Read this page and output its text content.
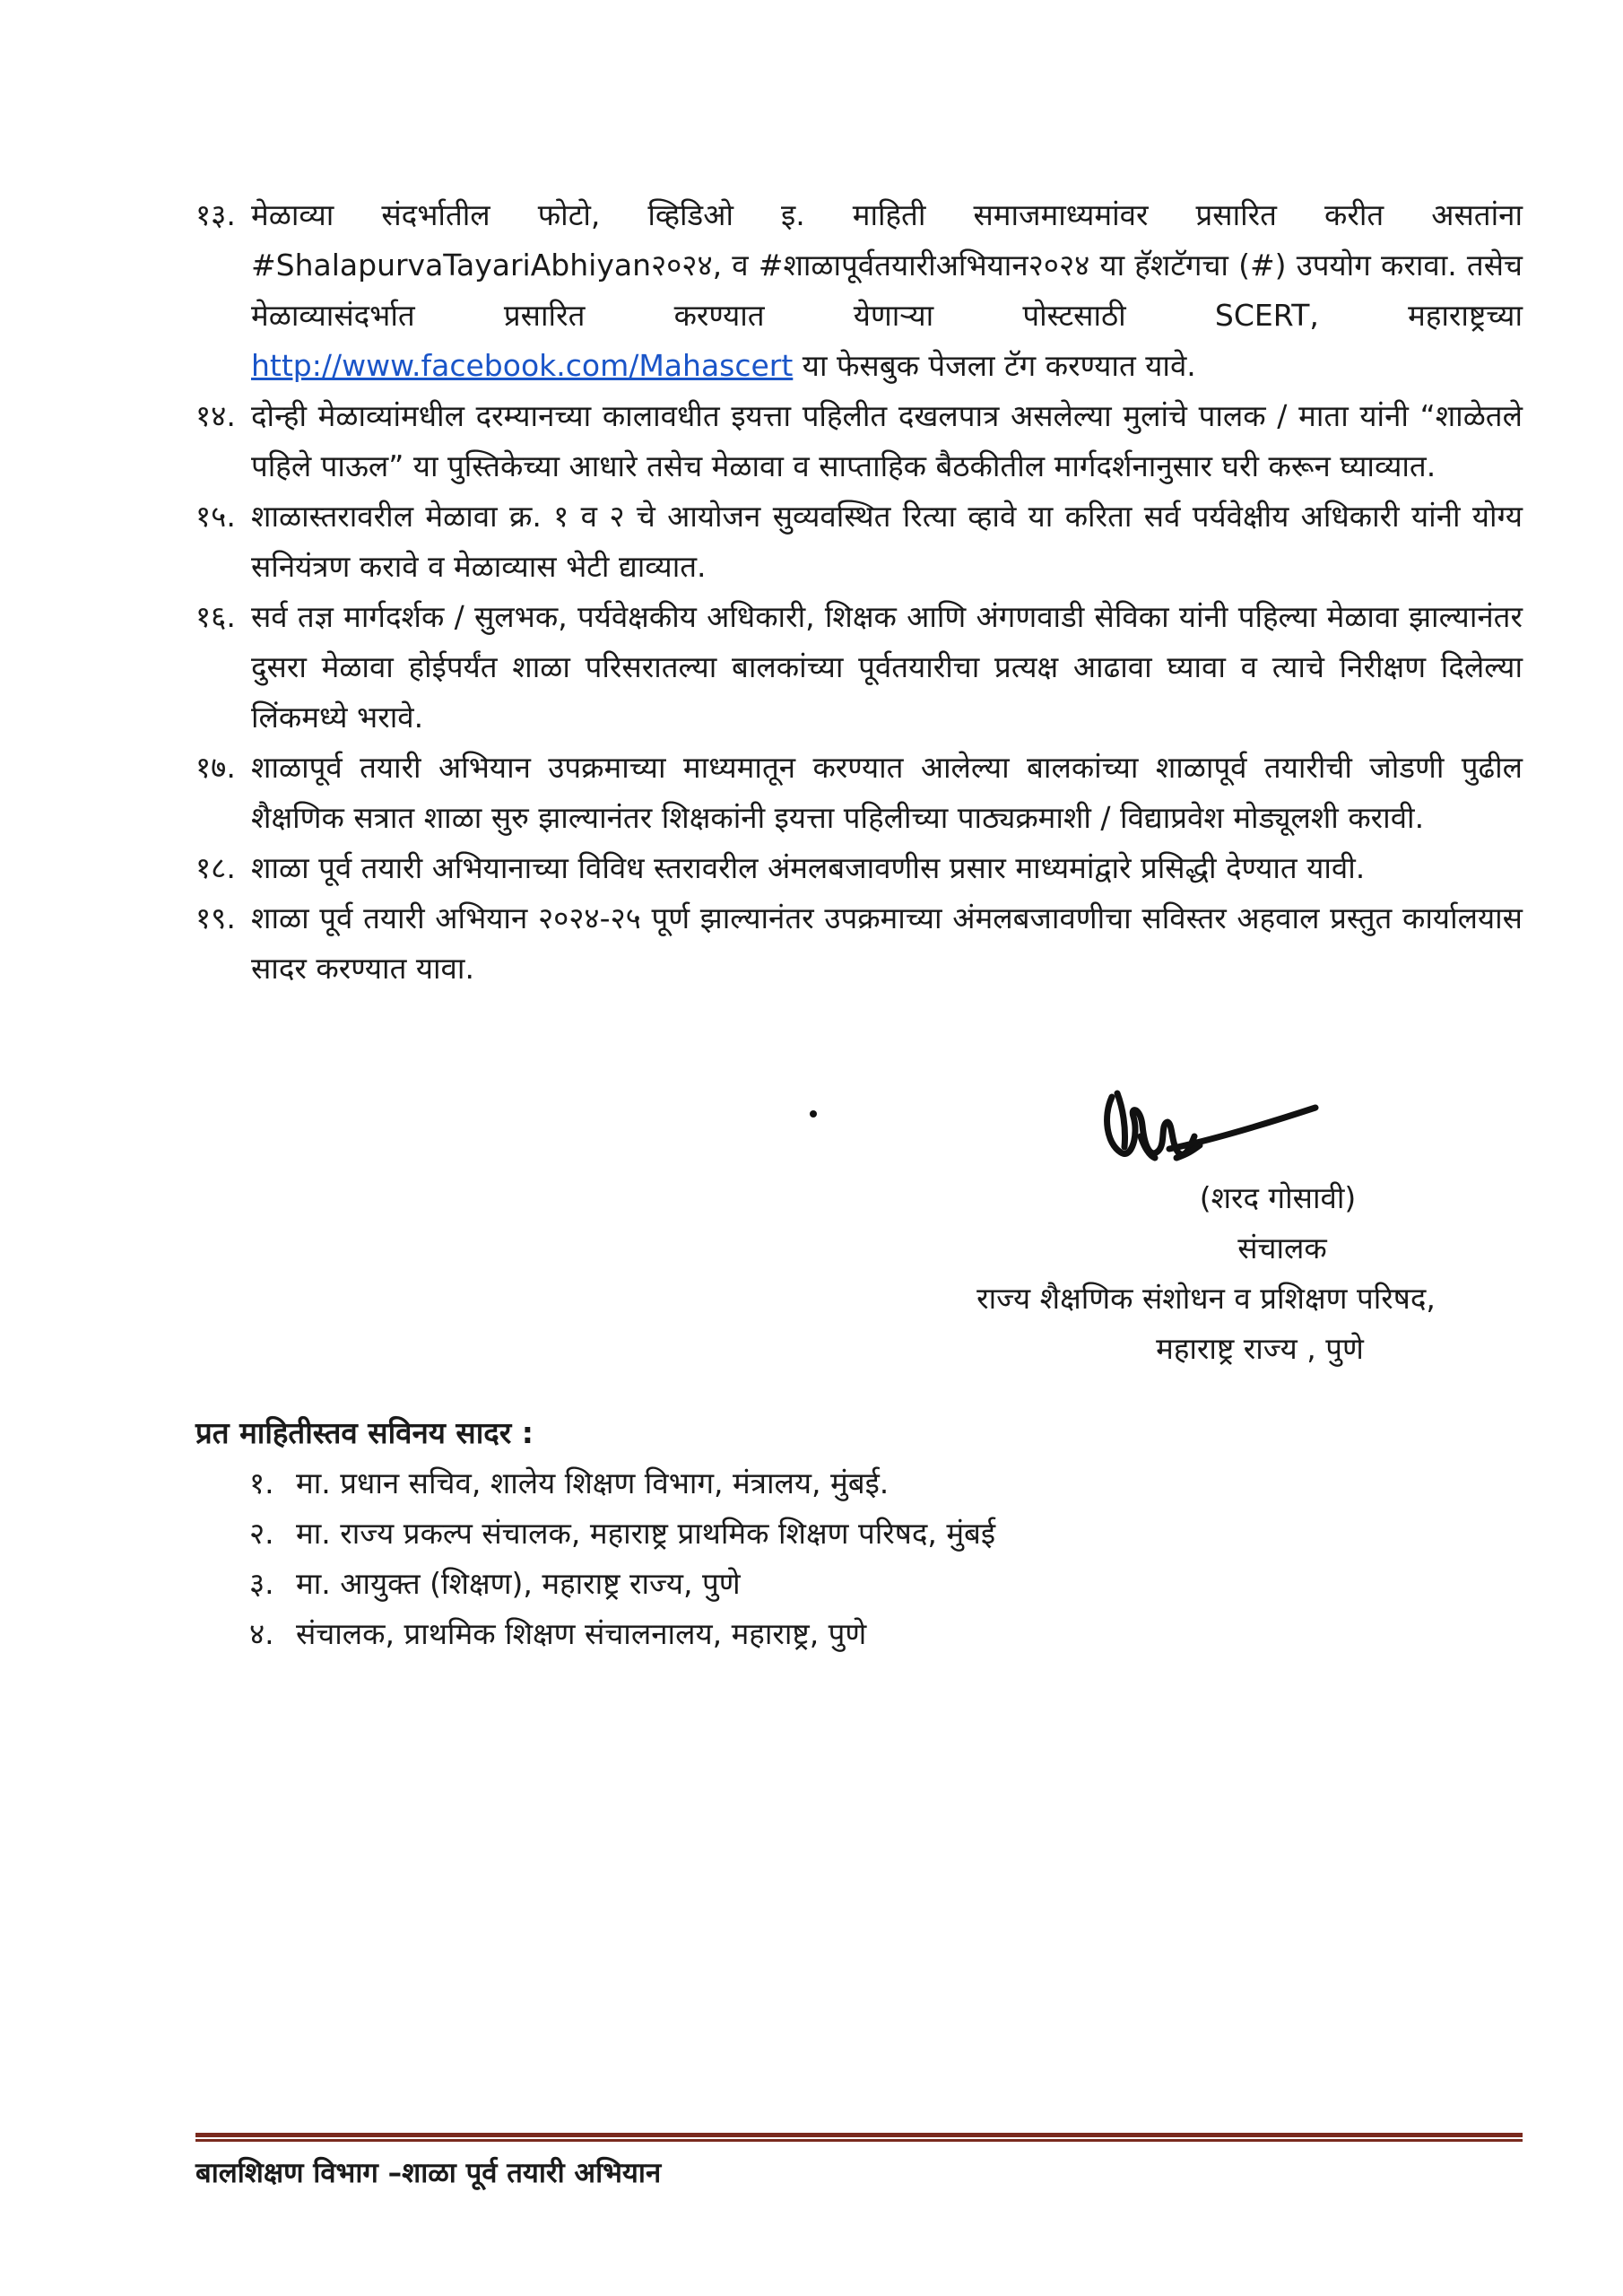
१३. मेळाव्या संदर्भातील फोटो, व्हिडिओ इ. माहिती समाजमाध्यमांवर प्रसारित करीत असतांना #ShalapurvaTayariAbhiyan२०२४, व #शाळापूर्वतयारीअभियान२०२४ या हॅशटॅगचा (#) उपयोग करावा. तसेच मेळाव्यासंदर्भात प्रसारित करण्यात येणाऱ्या पोस्टसाठी SCERT, महाराष्ट्रच्या http://www.facebook.com/Mahascert या फेसबुक पेजला टॅग करण्यात यावे.
१४. दोन्ही मेळाव्यांमधील दरम्यानच्या कालावधीत इयत्ता पहिलीत दखलपात्र असलेल्या मुलांचे पालक / माता यांनी “शाळेतले पहिले पाऊल” या पुस्तिकेच्या आधारे तसेच मेळावा व साप्ताहिक बैठकीतील मार्गदर्शनानुसार घरी करून घ्याव्यात.
१५. शाळास्तरावरील मेळावा क्र. १ व २ चे आयोजन सुव्यवस्थित रित्या व्हावे या करिता सर्व पर्यवेक्षीय अधिकारी यांनी योग्य सनियंत्रण करावे व मेळाव्यास भेटी द्याव्यात.
१६. सर्व तज्ञ मार्गदर्शक / सुलभक, पर्यवेक्षकीय अधिकारी, शिक्षक आणि अंगणवाडी सेविका यांनी पहिल्या मेळावा झाल्यानंतर दुसरा मेळावा होईपर्यंत शाळा परिसरातल्या बालकांच्या पूर्वतयारीचा प्रत्यक्ष आढावा घ्यावा व त्याचे निरीक्षण दिलेल्या लिंकमध्ये भरावे.
१७. शाळापूर्व तयारी अभियान उपक्रमाच्या माध्यमातून करण्यात आलेल्या बालकांच्या शाळापूर्व तयारीची जोडणी पुढील शैक्षणिक सत्रात शाळा सुरु झाल्यानंतर शिक्षकांनी इयत्ता पहिलीच्या पाठ्यक्रमाशी / विद्याप्रवेश मोड्यूलशी करावी.
१८. शाळा पूर्व तयारी अभियानाच्या विविध स्तरावरील अंमलबजावणीस प्रसार माध्यमांद्वारे प्रसिद्धी देण्यात यावी.
१९. शाळा पूर्व तयारी अभियान २०२४-२५ पूर्ण झाल्यानंतर उपक्रमाच्या अंमलबजावणीचा सविस्तर अहवाल प्रस्तुत कार्यालयास सादर करण्यात यावा.
(शरद गोसावी)
संचालक
राज्य शैक्षणिक संशोधन व प्रशिक्षण परिषद,
महाराष्ट्र राज्य , पुणे
प्रत माहितीस्तव सविनय सादर :
१. मा. प्रधान सचिव, शालेय शिक्षण विभाग, मंत्रालय, मुंबई.
२. मा. राज्य प्रकल्प संचालक, महाराष्ट्र प्राथमिक शिक्षण परिषद, मुंबई
३. मा. आयुक्त (शिक्षण), महाराष्ट्र राज्य, पुणे
४. संचालक, प्राथमिक शिक्षण संचालनालय, महाराष्ट्र, पुणे
बालशिक्षण विभाग –शाळा पूर्व तयारी अभियान
